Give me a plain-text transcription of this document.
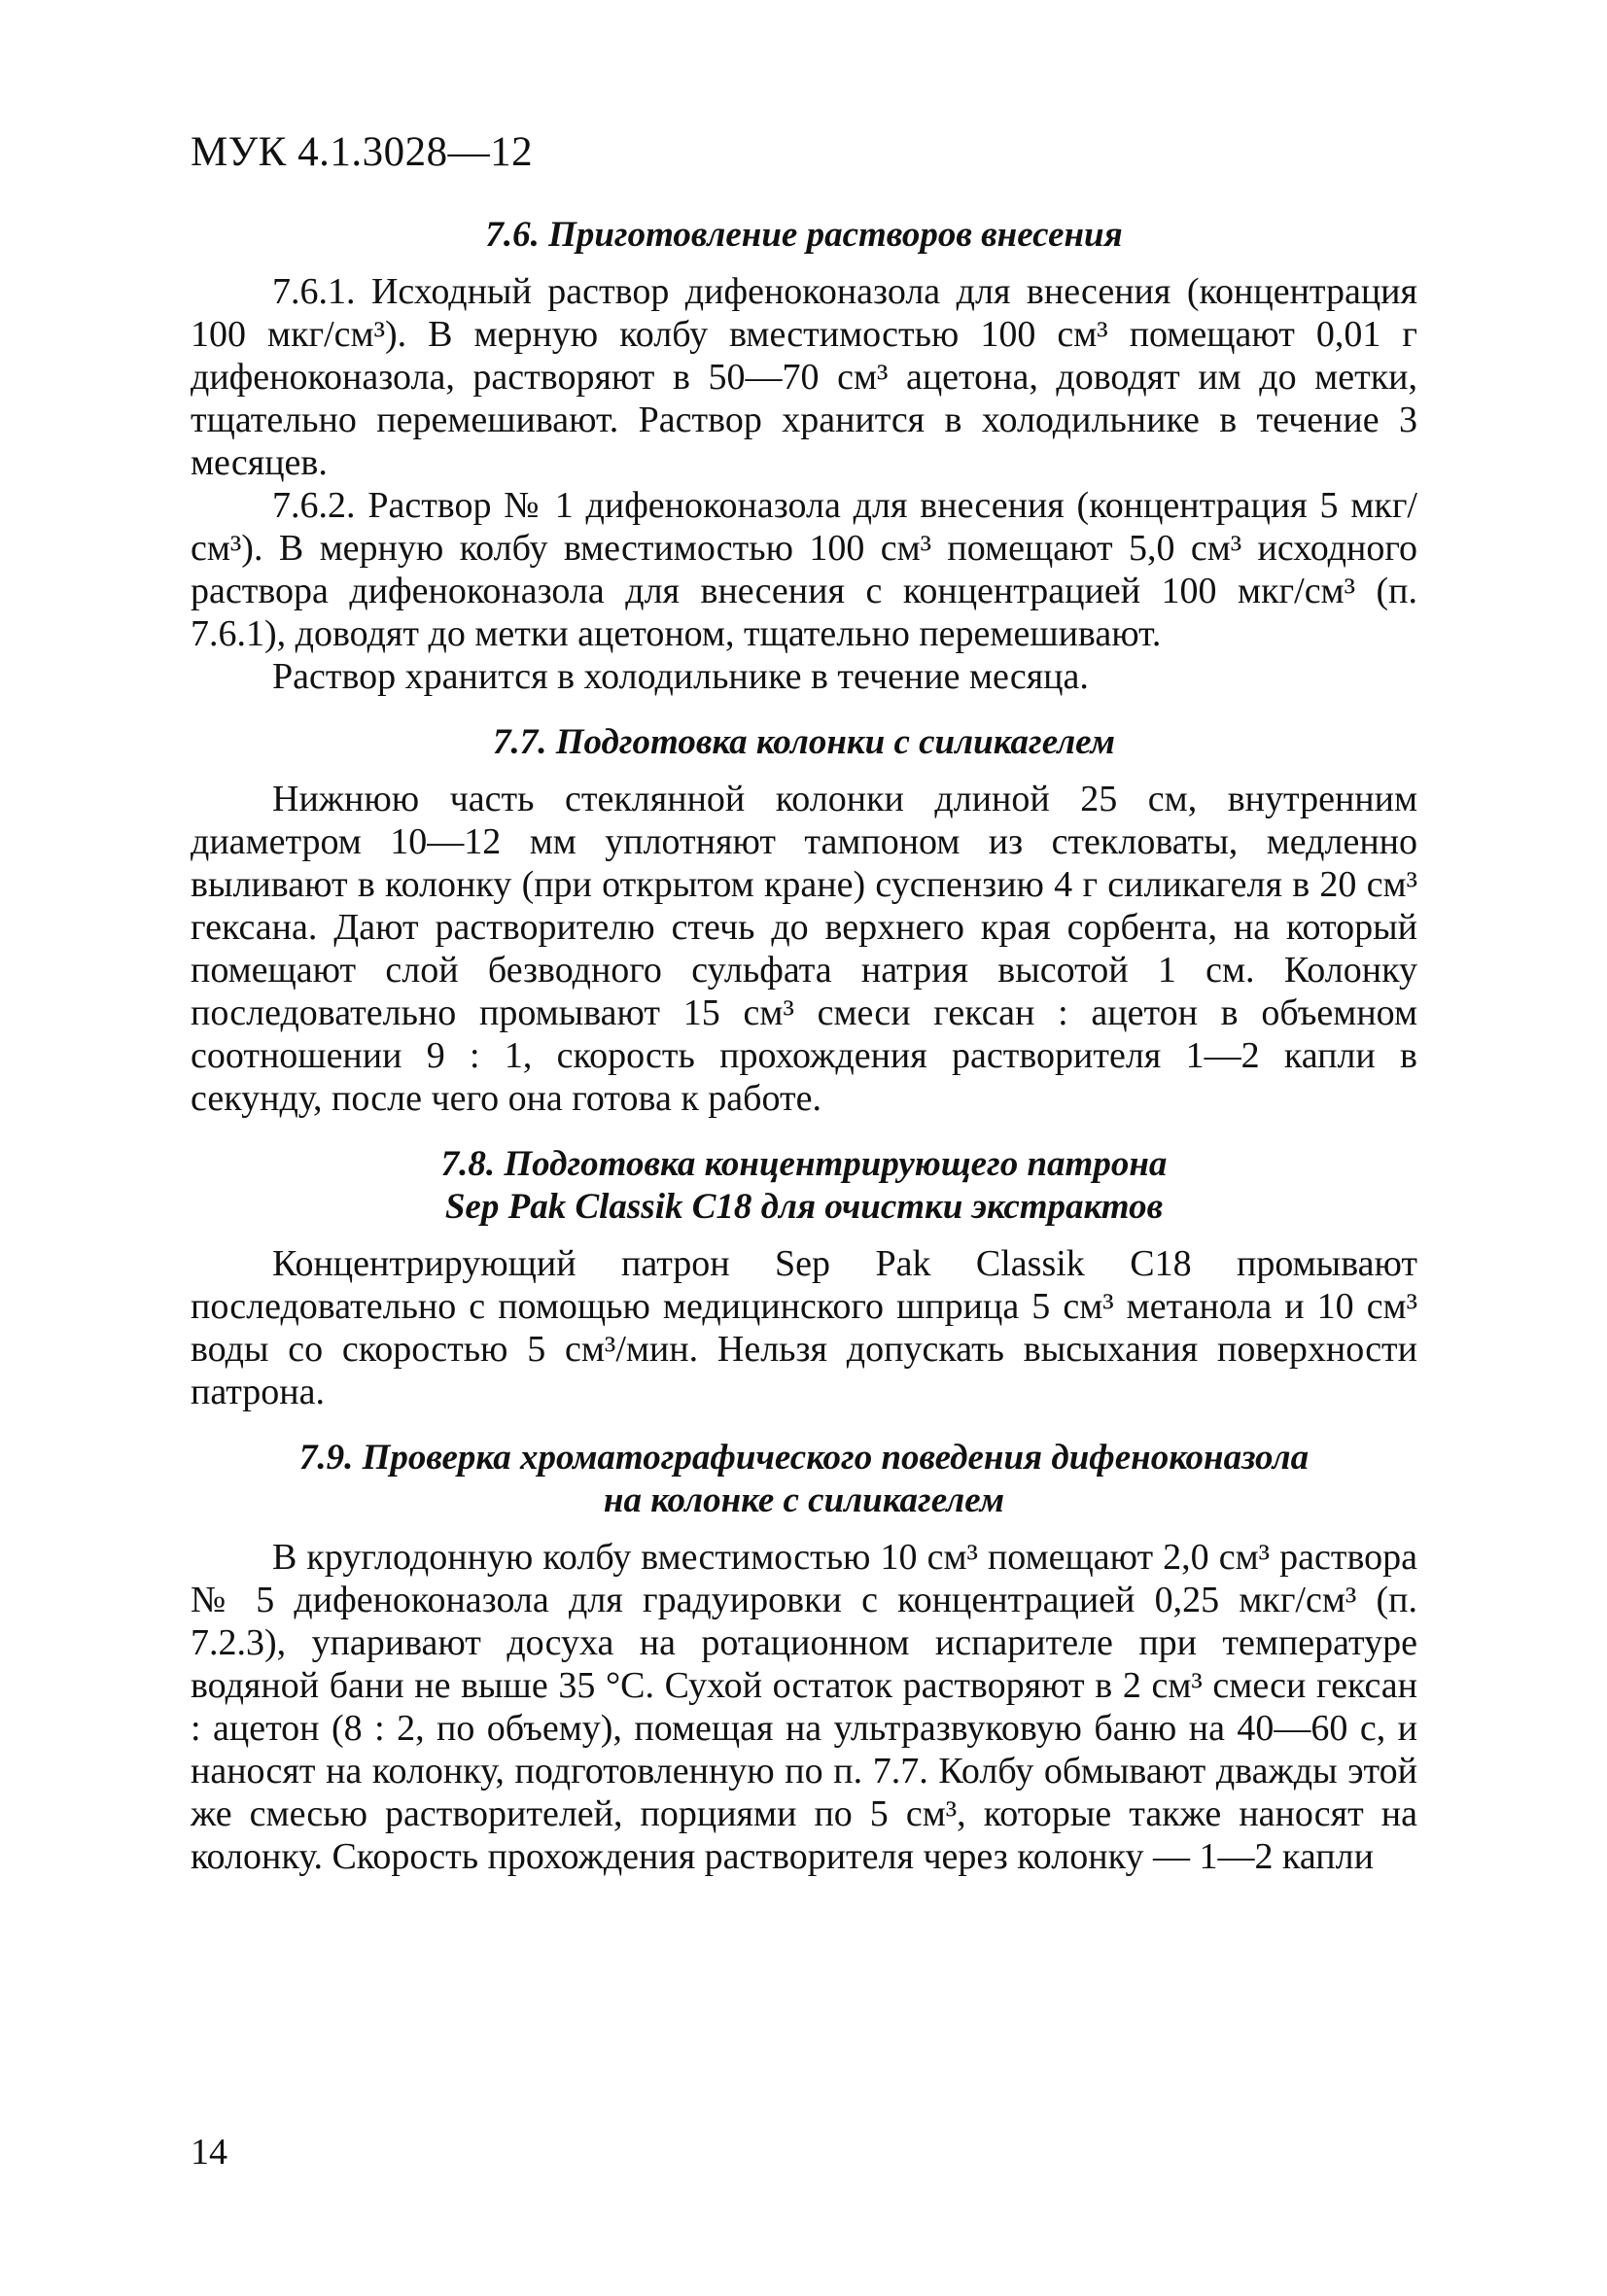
МУК 4.1.3028—12
7.6. Приготовление растворов внесения

7.6.1. Исходный раствор дифеноконазола для внесения (концентрация 100 мкг/см³). В мерную колбу вместимостью 100 см³ помещают 0,01 г дифеноконазола, растворяют в 50—70 см³ ацетона, доводят им до метки, тщательно перемешивают. Раствор хранится в холодильнике в течение 3 месяцев.

7.6.2. Раствор № 1 дифеноконазола для внесения (концентрация 5 мкг/см³). В мерную колбу вместимостью 100 см³ помещают 5,0 см³ исходного раствора дифеноконазола для внесения с концентрацией 100 мкг/см³ (п. 7.6.1), доводят до метки ацетоном, тщательно перемешивают.

Раствор хранится в холодильнике в течение месяца.

7.7. Подготовка колонки с силикагелем

Нижнюю часть стеклянной колонки длиной 25 см, внутренним диаметром 10—12 мм уплотняют тампоном из стекловаты, медленно выливают в колонку (при открытом кране) суспензию 4 г силикагеля в 20 см³ гексана. Дают растворителю стечь до верхнего края сорбента, на который помещают слой безводного сульфата натрия высотой 1 см. Колонку последовательно промывают 15 см³ смеси гексан : ацетон в объемном соотношении 9 : 1, скорость прохождения растворителя 1—2 капли в секунду, после чего она готова к работе.

7.8. Подготовка концентрирующего патрона
Sep Pak Classik C18 для очистки экстрактов

Концентрирующий патрон Sep Pak Classik C18 промывают последовательно с помощью медицинского шприца 5 см³ метанола и 10 см³ воды со скоростью 5 см³/мин. Нельзя допускать высыхания поверхности патрона.

7.9. Проверка хроматографического поведения дифеноконазола
на колонке с силикагелем

В круглодонную колбу вместимостью 10 см³ помещают 2,0 см³ раствора № 5 дифеноконазола для градуировки с концентрацией 0,25 мкг/см³ (п. 7.2.3), упаривают досуха на ротационном испарителе при температуре водяной бани не выше 35 °С. Сухой остаток растворяют в 2 см³ смеси гексан : ацетон (8 : 2, по объему), помещая на ультразвуковую баню на 40—60 с, и наносят на колонку, подготовленную по п. 7.7. Колбу обмывают дважды этой же смесью растворителей, порциями по 5 см³, которые также наносят на колонку. Скорость прохождения растворителя через колонку — 1—2 капли

14
